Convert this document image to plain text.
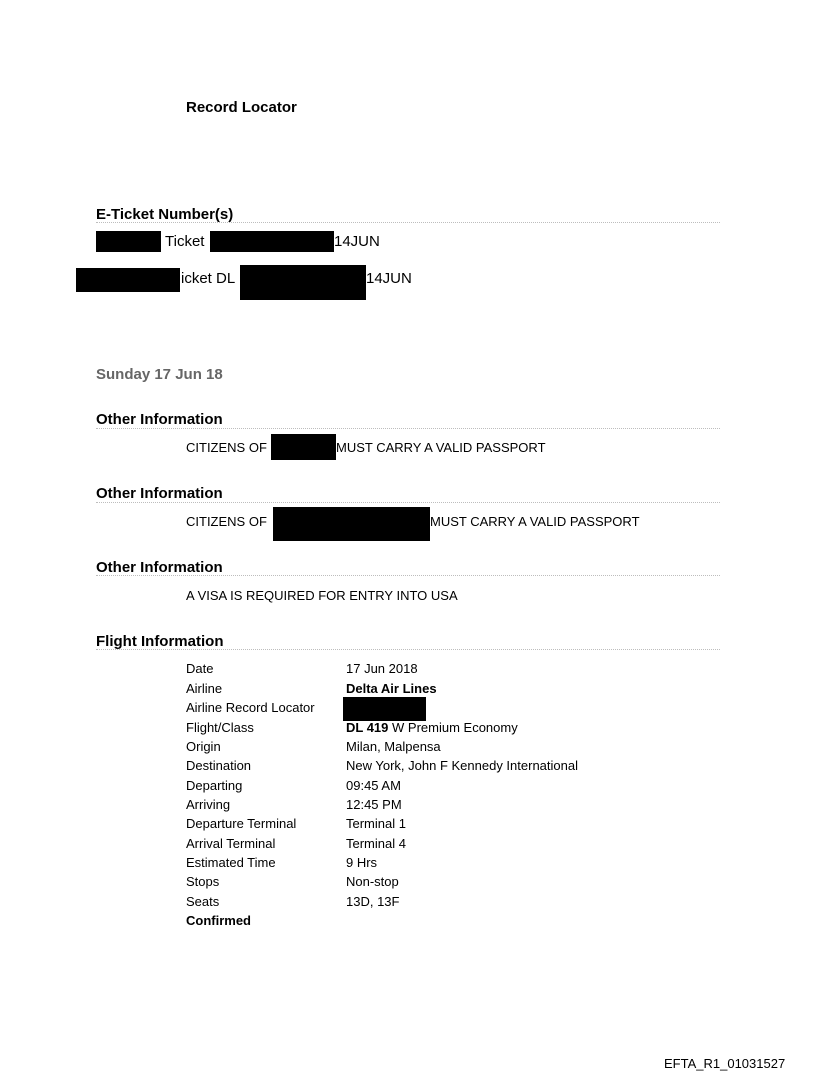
Record Locator
E-Ticket Number(s)
Ticket	14JUN
icket DL	14JUN
Sunday 17 Jun 18
Other Information
CITIZENS OF	MUST CARRY A VALID PASSPORT
Other Information
CITIZENS OF	MUST CARRY A VALID PASSPORT
Other Information
A VISA IS REQUIRED FOR ENTRY INTO USA
Flight Information
Date	17 Jun 2018
Airline	Delta Air Lines
Airline Record Locator
Flight/Class	DL 419 W Premium Economy
Origin	Milan, Malpensa
Destination	New York, John F Kennedy International
Departing	09:45 AM
Arriving	12:45 PM
Departure Terminal	Terminal 1
Arrival Terminal	Terminal 4
Estimated Time	9 Hrs
Stops	Non-stop
Seats	13D, 13F
Confirmed
EFTA_R1_01031527
